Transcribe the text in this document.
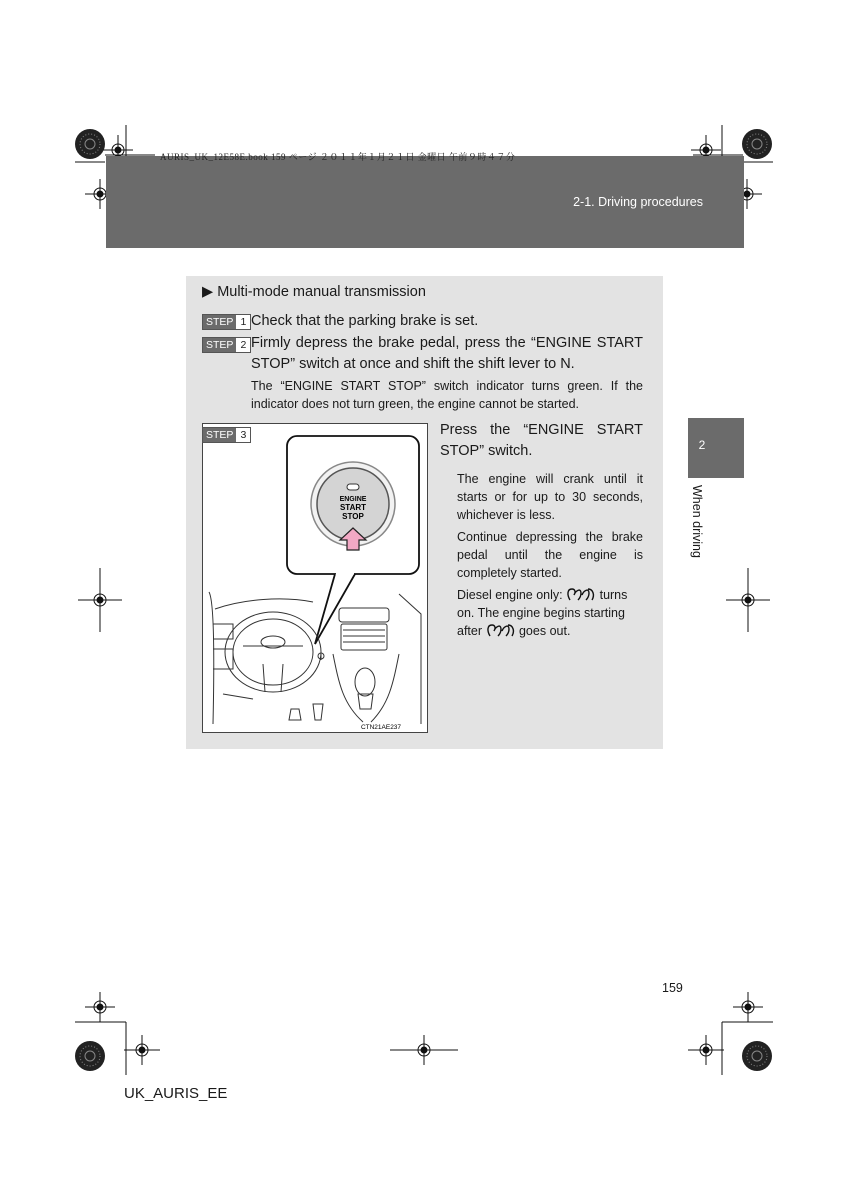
AURIS_UK_12E58E.book 159 ページ ２０１１年１月２１日 金曜日 午前９時４７分
2-1. Driving procedures
2
When driving
▶ Multi-mode manual transmission
STEP 1 Check that the parking brake is set.
STEP 2 Firmly depress the brake pedal, press the “ENGINE START STOP” switch at once and shift the shift lever to N.
The “ENGINE START STOP” switch indicator turns green. If the indicator does not turn green, the engine cannot be started.
STEP 3	Press the “ENGINE START STOP” switch.
The engine will crank until it starts or for up to 30 seconds, whichever is less.
Continue depressing the brake pedal until the engine is completely started.
Diesel engine only:	turns on. The engine begins starting after	goes out.
ENGINE
START
STOP
CTN21AE237
159
UK_AURIS_EE
